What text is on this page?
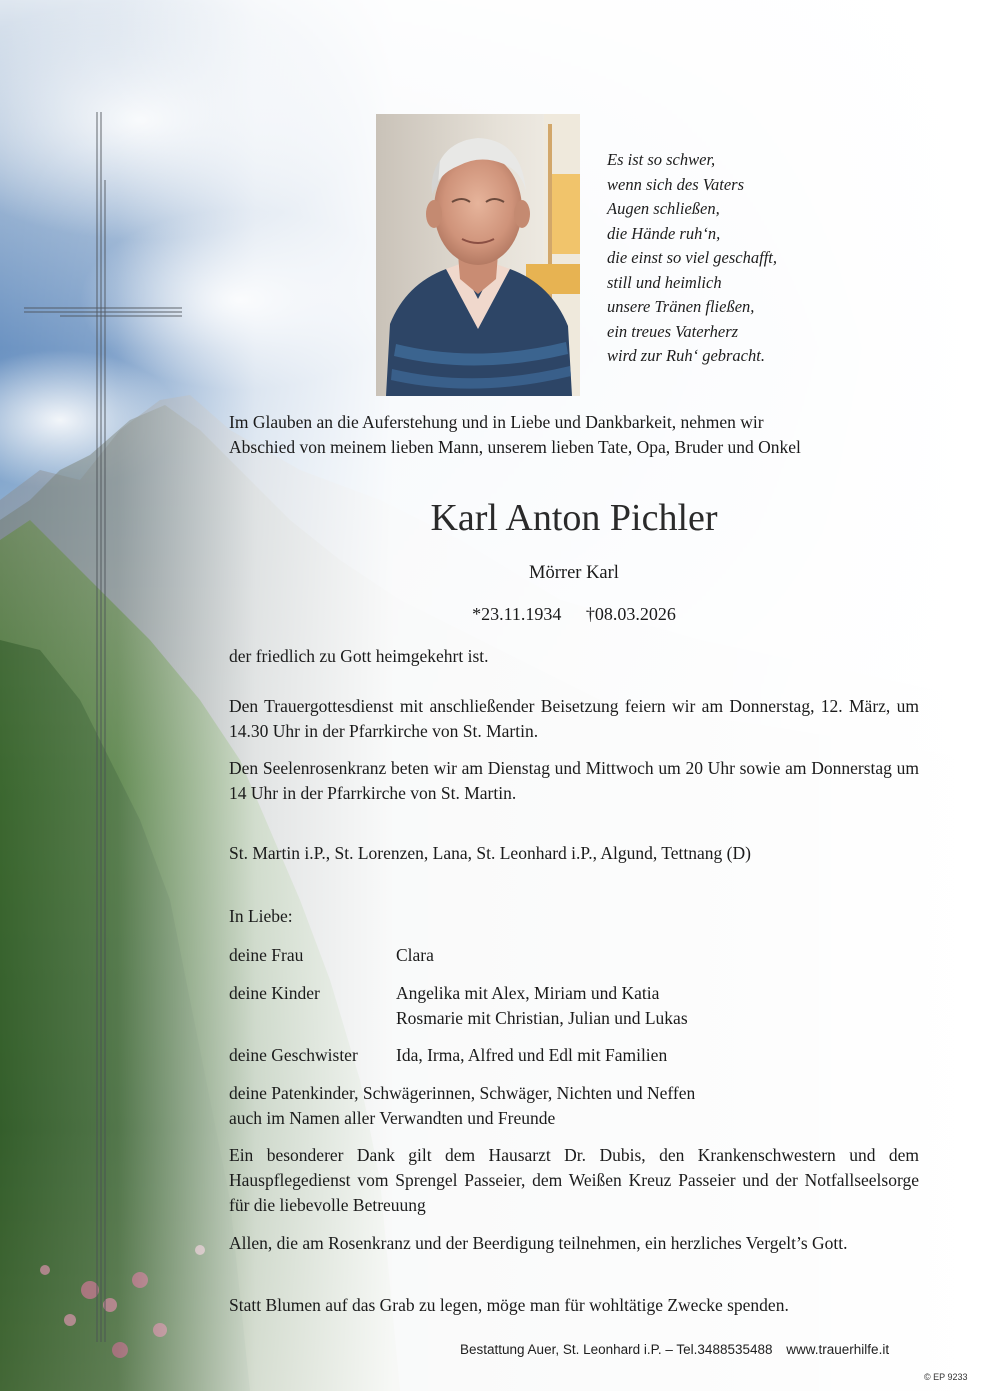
Es ist so schwer,
wenn sich des Vaters
Augen schließen,
die Hände ruh‘n,
die einst so viel geschafft,
still und heimlich
unsere Tränen fließen,
ein treues Vaterherz
wird zur Ruh‘ gebracht.
Im Glauben an die Auferstehung und in Liebe und Dankbarkeit, nehmen wir
Abschied von meinem lieben Mann, unserem lieben Tate, Opa, Bruder und Onkel
Karl Anton Pichler
Mörrer Karl
*23.11.1934 †08.03.2026
der friedlich zu Gott heimgekehrt ist.
Den Trauergottesdienst mit anschließender Beisetzung feiern wir am Donnerstag, 12. März, um 14.30 Uhr in der Pfarrkirche von St. Martin.
Den Seelenrosenkranz beten wir am Dienstag und Mittwoch um 20 Uhr sowie am Donnerstag um 14 Uhr in der Pfarrkirche von St. Martin.
St. Martin i.P., St. Lorenzen, Lana, St. Leonhard i.P., Algund, Tettnang (D)
In Liebe:
deine Frau	Clara
deine Kinder	Angelika mit Alex, Miriam und Katia
Rosmarie mit Christian, Julian und Lukas
deine Geschwister	Ida, Irma, Alfred und Edl mit Familien
deine Patenkinder, Schwägerinnen, Schwäger, Nichten und Neffen
auch im Namen aller Verwandten und Freunde
Ein besonderer Dank gilt dem Hausarzt Dr. Dubis, den Krankenschwestern und dem Hauspflegedienst vom Sprengel Passeier, dem Weißen Kreuz Passeier und der Notfallseelsorge für die liebevolle Betreuung
Allen, die am Rosenkranz und der Beerdigung teilnehmen, ein herzliches Vergelt’s Gott.
Statt Blumen auf das Grab zu legen, möge man für wohltätige Zwecke spenden.
Bestattung Auer, St. Leonhard i.P. – Tel.3488535488 www.trauerhilfe.it
© EP 9233
